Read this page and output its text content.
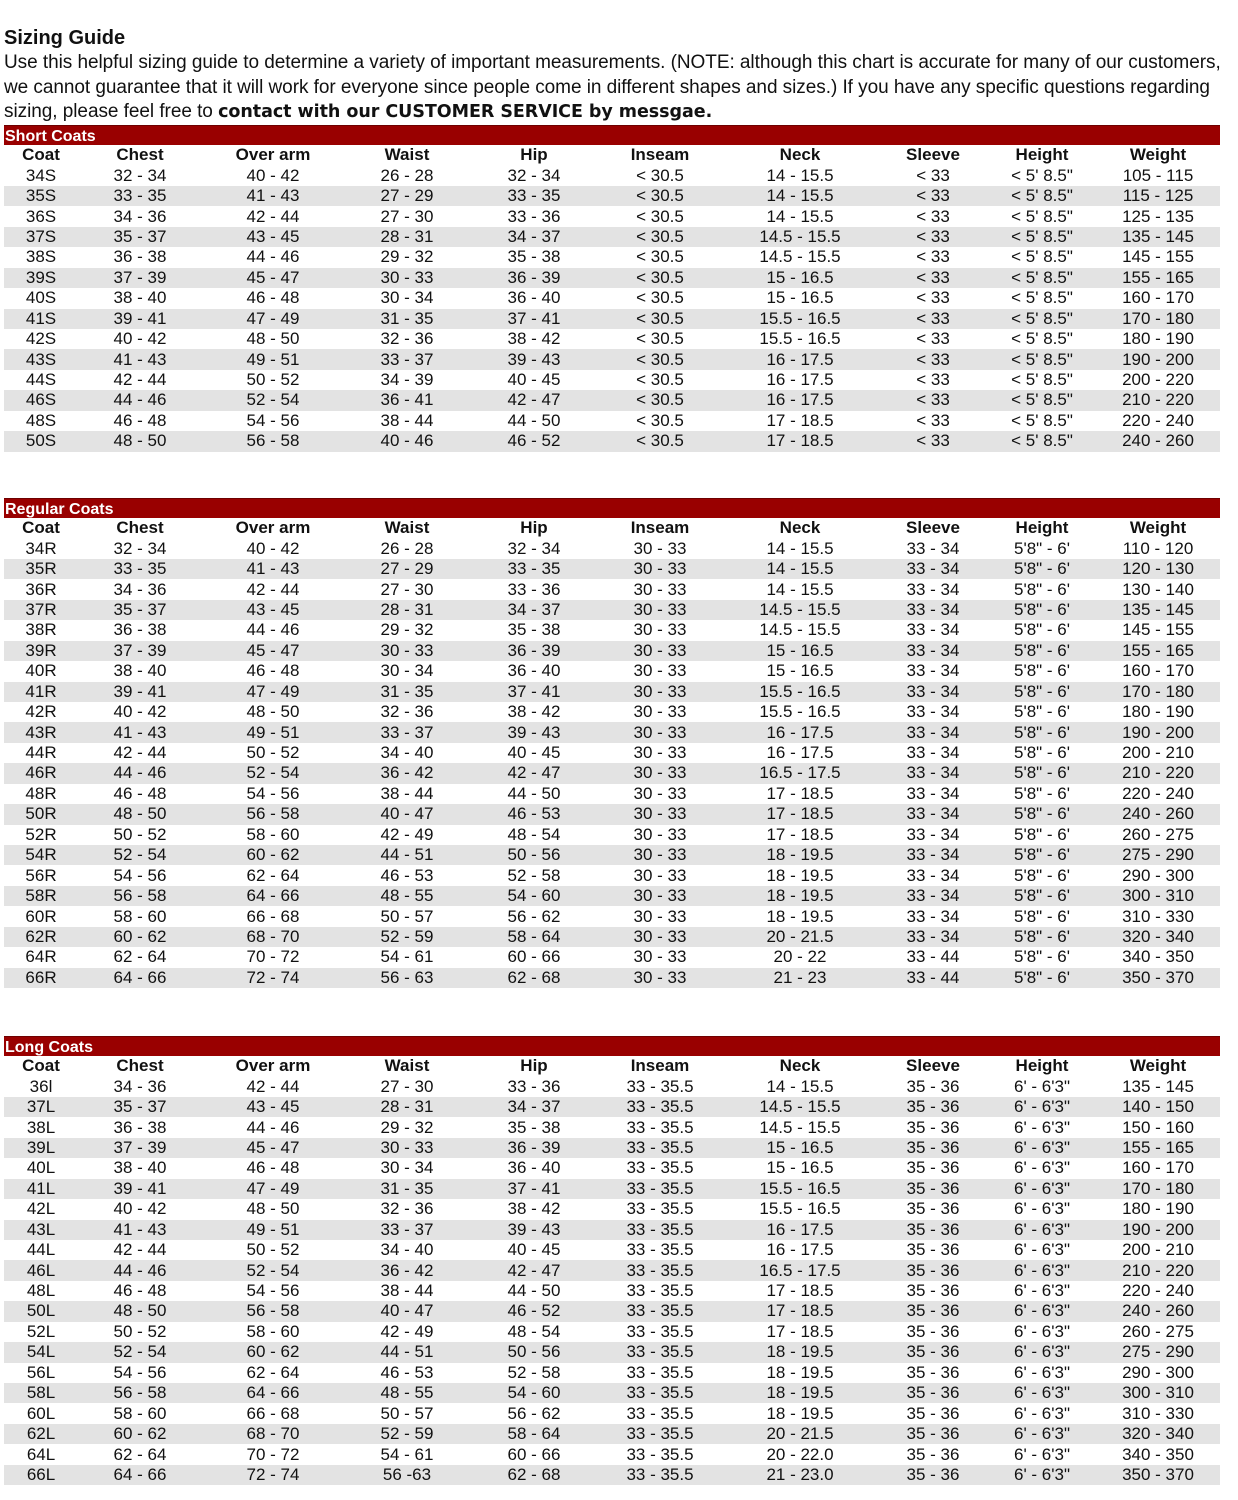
Sizing Guide
Use this helpful sizing guide to determine a variety of important measurements. (NOTE: although this chart is accurate for many of our customers, we cannot guarantee that it will work for everyone since people come in different shapes and sizes.) If you have any specific questions regarding sizing, please feel free to contact with our CUSTOMER SERVICE by messgae.
Short Coats
Coat	Chest	Over arm	Waist	Hip	Inseam	Neck	Sleeve	Height	Weight
34S	32 - 34	40 - 42	26 - 28	32 - 34	< 30.5	14 - 15.5	< 33	< 5' 8.5"	105 - 115
35S	33 - 35	41 - 43	27 - 29	33 - 35	< 30.5	14 - 15.5	< 33	< 5' 8.5"	115 - 125
36S	34 - 36	42 - 44	27 - 30	33 - 36	< 30.5	14 - 15.5	< 33	< 5' 8.5"	125 - 135
37S	35 - 37	43 - 45	28 - 31	34 - 37	< 30.5	14.5 - 15.5	< 33	< 5' 8.5"	135 - 145
38S	36 - 38	44 - 46	29 - 32	35 - 38	< 30.5	14.5 - 15.5	< 33	< 5' 8.5"	145 - 155
39S	37 - 39	45 - 47	30 - 33	36 - 39	< 30.5	15 - 16.5	< 33	< 5' 8.5"	155 - 165
40S	38 - 40	46 - 48	30 - 34	36 - 40	< 30.5	15 - 16.5	< 33	< 5' 8.5"	160 - 170
41S	39 - 41	47 - 49	31 - 35	37 - 41	< 30.5	15.5 - 16.5	< 33	< 5' 8.5"	170 - 180
42S	40 - 42	48 - 50	32 - 36	38 - 42	< 30.5	15.5 - 16.5	< 33	< 5' 8.5"	180 - 190
43S	41 - 43	49 - 51	33 - 37	39 - 43	< 30.5	16 - 17.5	< 33	< 5' 8.5"	190 - 200
44S	42 - 44	50 - 52	34 - 39	40 - 45	< 30.5	16 - 17.5	< 33	< 5' 8.5"	200 - 220
46S	44 - 46	52 - 54	36 - 41	42 - 47	< 30.5	16 - 17.5	< 33	< 5' 8.5"	210 - 220
48S	46 - 48	54 - 56	38 - 44	44 - 50	< 30.5	17 - 18.5	< 33	< 5' 8.5"	220 - 240
50S	48 - 50	56 - 58	40 - 46	46 - 52	< 30.5	17 - 18.5	< 33	< 5' 8.5"	240 - 260
Regular Coats
Coat	Chest	Over arm	Waist	Hip	Inseam	Neck	Sleeve	Height	Weight
34R	32 - 34	40 - 42	26 - 28	32 - 34	30 - 33	14 - 15.5	33 - 34	5'8" - 6'	110 - 120
35R	33 - 35	41 - 43	27 - 29	33 - 35	30 - 33	14 - 15.5	33 - 34	5'8" - 6'	120 - 130
36R	34 - 36	42 - 44	27 - 30	33 - 36	30 - 33	14 - 15.5	33 - 34	5'8" - 6'	130 - 140
37R	35 - 37	43 - 45	28 - 31	34 - 37	30 - 33	14.5 - 15.5	33 - 34	5'8" - 6'	135 - 145
38R	36 - 38	44 - 46	29 - 32	35 - 38	30 - 33	14.5 - 15.5	33 - 34	5'8" - 6'	145 - 155
39R	37 - 39	45 - 47	30 - 33	36 - 39	30 - 33	15 - 16.5	33 - 34	5'8" - 6'	155 - 165
40R	38 - 40	46 - 48	30 - 34	36 - 40	30 - 33	15 - 16.5	33 - 34	5'8" - 6'	160 - 170
41R	39 - 41	47 - 49	31 - 35	37 - 41	30 - 33	15.5 - 16.5	33 - 34	5'8" - 6'	170 - 180
42R	40 - 42	48 - 50	32 - 36	38 - 42	30 - 33	15.5 - 16.5	33 - 34	5'8" - 6'	180 - 190
43R	41 - 43	49 - 51	33 - 37	39 - 43	30 - 33	16 - 17.5	33 - 34	5'8" - 6'	190 - 200
44R	42 - 44	50 - 52	34 - 40	40 - 45	30 - 33	16 - 17.5	33 - 34	5'8" - 6'	200 - 210
46R	44 - 46	52 - 54	36 - 42	42 - 47	30 - 33	16.5 - 17.5	33 - 34	5'8" - 6'	210 - 220
48R	46 - 48	54 - 56	38 - 44	44 - 50	30 - 33	17 - 18.5	33 - 34	5'8" - 6'	220 - 240
50R	48 - 50	56 - 58	40 - 47	46 - 53	30 - 33	17 - 18.5	33 - 34	5'8" - 6'	240 - 260
52R	50 - 52	58 - 60	42 - 49	48 - 54	30 - 33	17 - 18.5	33 - 34	5'8" - 6'	260 - 275
54R	52 - 54	60 - 62	44 - 51	50 - 56	30 - 33	18 - 19.5	33 - 34	5'8" - 6'	275 - 290
56R	54 - 56	62 - 64	46 - 53	52 - 58	30 - 33	18 - 19.5	33 - 34	5'8" - 6'	290 - 300
58R	56 - 58	64 - 66	48 - 55	54 - 60	30 - 33	18 - 19.5	33 - 34	5'8" - 6'	300 - 310
60R	58 - 60	66 - 68	50 - 57	56 - 62	30 - 33	18 - 19.5	33 - 34	5'8" - 6'	310 - 330
62R	60 - 62	68 - 70	52 - 59	58 - 64	30 - 33	20 - 21.5	33 - 34	5'8" - 6'	320 - 340
64R	62 - 64	70 - 72	54 - 61	60 - 66	30 - 33	20 - 22	33 - 44	5'8" - 6'	340 - 350
66R	64 - 66	72 - 74	56 - 63	62 - 68	30 - 33	21 - 23	33 - 44	5'8" - 6'	350 - 370
Long Coats
Coat	Chest	Over arm	Waist	Hip	Inseam	Neck	Sleeve	Height	Weight
36l	34 - 36	42 - 44	27 - 30	33 - 36	33 - 35.5	14 - 15.5	35 - 36	6' - 6'3"	135 - 145
37L	35 - 37	43 - 45	28 - 31	34 - 37	33 - 35.5	14.5 - 15.5	35 - 36	6' - 6'3"	140 - 150
38L	36 - 38	44 - 46	29 - 32	35 - 38	33 - 35.5	14.5 - 15.5	35 - 36	6' - 6'3"	150 - 160
39L	37 - 39	45 - 47	30 - 33	36 - 39	33 - 35.5	15 - 16.5	35 - 36	6' - 6'3"	155 - 165
40L	38 - 40	46 - 48	30 - 34	36 - 40	33 - 35.5	15 - 16.5	35 - 36	6' - 6'3"	160 - 170
41L	39 - 41	47 - 49	31 - 35	37 - 41	33 - 35.5	15.5 - 16.5	35 - 36	6' - 6'3"	170 - 180
42L	40 - 42	48 - 50	32 - 36	38 - 42	33 - 35.5	15.5 - 16.5	35 - 36	6' - 6'3"	180 - 190
43L	41 - 43	49 - 51	33 - 37	39 - 43	33 - 35.5	16 - 17.5	35 - 36	6' - 6'3"	190 - 200
44L	42 - 44	50 - 52	34 - 40	40 - 45	33 - 35.5	16 - 17.5	35 - 36	6' - 6'3"	200 - 210
46L	44 - 46	52 - 54	36 - 42	42 - 47	33 - 35.5	16.5 - 17.5	35 - 36	6' - 6'3"	210 - 220
48L	46 - 48	54 - 56	38 - 44	44 - 50	33 - 35.5	17 - 18.5	35 - 36	6' - 6'3"	220 - 240
50L	48 - 50	56 - 58	40 - 47	46 - 52	33 - 35.5	17 - 18.5	35 - 36	6' - 6'3"	240 - 260
52L	50 - 52	58 - 60	42 - 49	48 - 54	33 - 35.5	17 - 18.5	35 - 36	6' - 6'3"	260 - 275
54L	52 - 54	60 - 62	44 - 51	50 - 56	33 - 35.5	18 - 19.5	35 - 36	6' - 6'3"	275 - 290
56L	54 - 56	62 - 64	46 - 53	52 - 58	33 - 35.5	18 - 19.5	35 - 36	6' - 6'3"	290 - 300
58L	56 - 58	64 - 66	48 - 55	54 - 60	33 - 35.5	18 - 19.5	35 - 36	6' - 6'3"	300 - 310
60L	58 - 60	66 - 68	50 - 57	56 - 62	33 - 35.5	18 - 19.5	35 - 36	6' - 6'3"	310 - 330
62L	60 - 62	68 - 70	52 - 59	58 - 64	33 - 35.5	20 - 21.5	35 - 36	6' - 6'3"	320 - 340
64L	62 - 64	70 - 72	54 - 61	60 - 66	33 - 35.5	20 - 22.0	35 - 36	6' - 6'3"	340 - 350
66L	64 - 66	72 - 74	56 -63	62 - 68	33 - 35.5	21 - 23.0	35 - 36	6' - 6'3"	350 - 370
